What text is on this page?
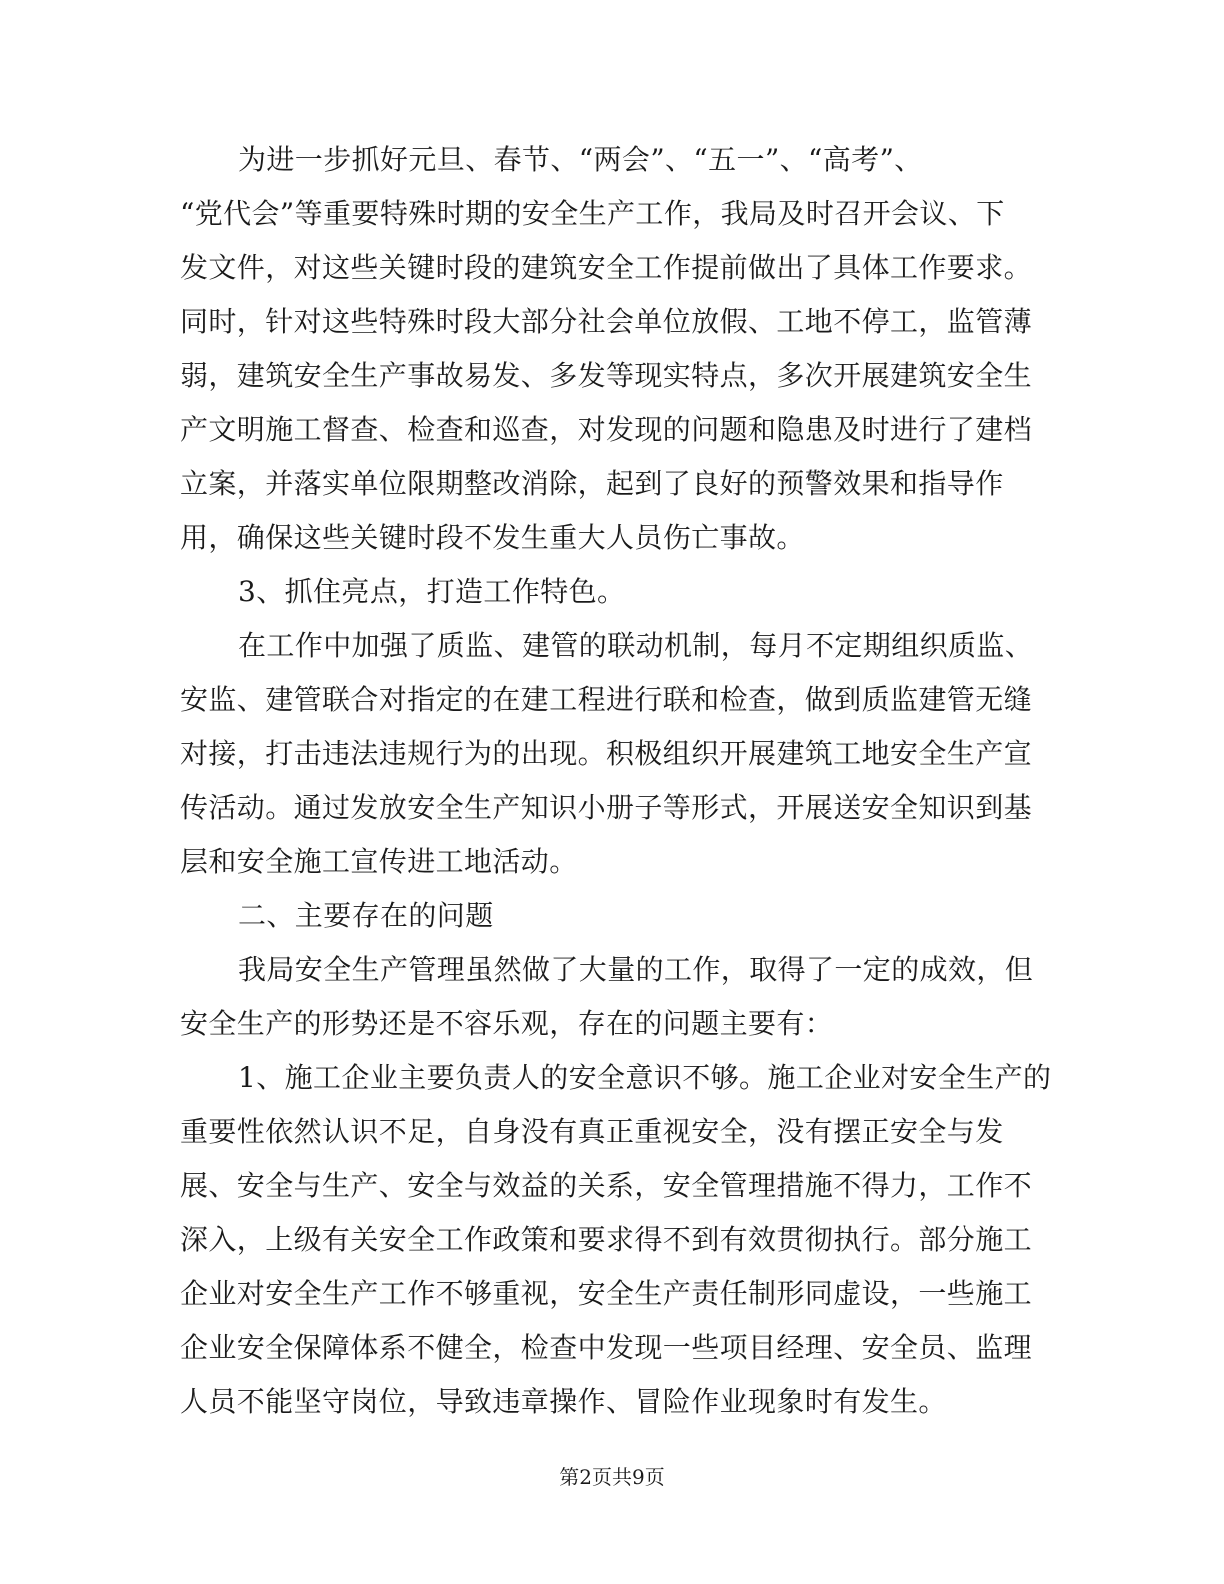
为进一步抓好元旦、春节、“两会”、“五一”、“高考”、
“党代会”等重要特殊时期的安全生产工作，我局及时召开会议、下
发文件，对这些关键时段的建筑安全工作提前做出了具体工作要求。
同时，针对这些特殊时段大部分社会单位放假、工地不停工，监管薄
弱，建筑安全生产事故易发、多发等现实特点，多次开展建筑安全生
产文明施工督查、检查和巡查，对发现的问题和隐患及时进行了建档
立案，并落实单位限期整改消除，起到了良好的预警效果和指导作
用，确保这些关键时段不发生重大人员伤亡事故。
3、抓住亮点，打造工作特色。
在工作中加强了质监、建管的联动机制，每月不定期组织质监、
安监、建管联合对指定的在建工程进行联和检查，做到质监建管无缝
对接，打击违法违规行为的出现。积极组织开展建筑工地安全生产宣
传活动。通过发放安全生产知识小册子等形式，开展送安全知识到基
层和安全施工宣传进工地活动。
二、主要存在的问题
我局安全生产管理虽然做了大量的工作，取得了一定的成效，但
安全生产的形势还是不容乐观，存在的问题主要有：
1、施工企业主要负责人的安全意识不够。施工企业对安全生产的
重要性依然认识不足，自身没有真正重视安全，没有摆正安全与发
展、安全与生产、安全与效益的关系，安全管理措施不得力，工作不
深入，上级有关安全工作政策和要求得不到有效贯彻执行。部分施工
企业对安全生产工作不够重视，安全生产责任制形同虚设，一些施工
企业安全保障体系不健全，检查中发现一些项目经理、安全员、监理
人员不能坚守岗位，导致违章操作、冒险作业现象时有发生。
第2页共9页
